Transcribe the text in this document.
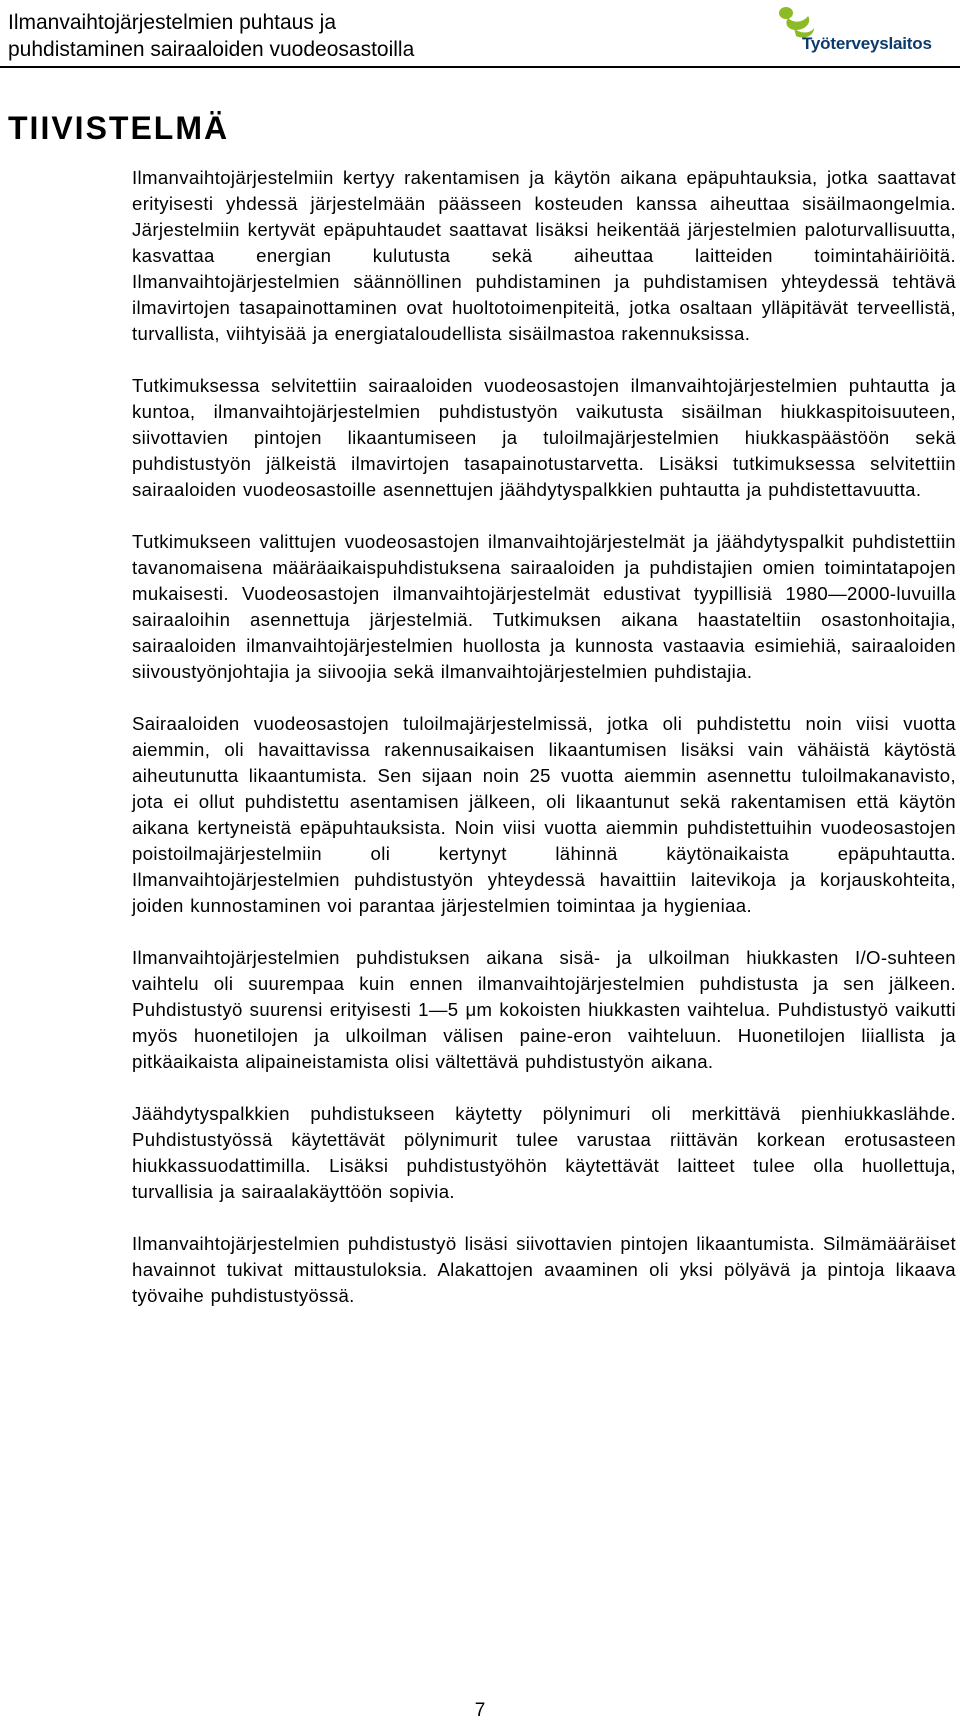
Ilmanvaihtojärjestelmien puhtaus ja
puhdistaminen sairaaloiden vuodeosastoilla	Työterveyslaitos
TIIVISTELMÄ

Ilmanvaihtojärjestelmiin kertyy rakentamisen ja käytön aikana epäpuhtauksia, jotka saattavat erityisesti yhdessä järjestelmään päässeen kosteuden kanssa aiheuttaa sisäilmaongelmia. Järjestelmiin kertyvät epäpuhtaudet saattavat lisäksi heikentää järjestelmien paloturvallisuutta, kasvattaa energian kulutusta sekä aiheuttaa laitteiden toimintahäiriöitä. Ilmanvaihtojärjestelmien säännöllinen puhdistaminen ja puhdistamisen yhteydessä tehtävä ilmavirtojen tasapainottaminen ovat huoltotoimenpiteitä, jotka osaltaan ylläpitävät terveellistä, turvallista, viihtyisää ja energiataloudellista sisäilmastoa rakennuksissa.

Tutkimuksessa selvitettiin sairaaloiden vuodeosastojen ilmanvaihtojärjestelmien puhtautta ja kuntoa, ilmanvaihtojärjestelmien puhdistustyön vaikutusta sisäilman hiukkaspitoisuuteen, siivottavien pintojen likaantumiseen ja tuloilmajärjestelmien hiukkaspäästöön sekä puhdistustyön jälkeistä ilmavirtojen tasapainotustarvetta. Lisäksi tutkimuksessa selvitettiin sairaaloiden vuodeosastoille asennettujen jäähdytyspalkkien puhtautta ja puhdistettavuutta.

Tutkimukseen valittujen vuodeosastojen ilmanvaihtojärjestelmät ja jäähdytyspalkit puhdistettiin tavanomaisena määräaikaispuhdistuksena sairaaloiden ja puhdistajien omien toimintatapojen mukaisesti. Vuodeosastojen ilmanvaihtojärjestelmät edustivat tyypillisiä 1980—2000-luvuilla sairaaloihin asennettuja järjestelmiä. Tutkimuksen aikana haastateltiin osastonhoitajia, sairaaloiden ilmanvaihtojärjestelmien huollosta ja kunnosta vastaavia esimiehiä, sairaaloiden siivoustyönjohtajia ja siivoojia sekä ilmanvaihtojärjestelmien puhdistajia.

Sairaaloiden vuodeosastojen tuloilmajärjestelmissä, jotka oli puhdistettu noin viisi vuotta aiemmin, oli havaittavissa rakennusaikaisen likaantumisen lisäksi vain vähäistä käytöstä aiheutunutta likaantumista. Sen sijaan noin 25 vuotta aiemmin asennettu tuloilmakanavisto, jota ei ollut puhdistettu asentamisen jälkeen, oli likaantunut sekä rakentamisen että käytön aikana kertyneistä epäpuhtauksista. Noin viisi vuotta aiemmin puhdistettuihin vuodeosastojen poistoilmajärjestelmiin oli kertynyt lähinnä käytönaikaista epäpuhtautta. Ilmanvaihtojärjestelmien puhdistustyön yhteydessä havaittiin laitevikoja ja korjauskohteita, joiden kunnostaminen voi parantaa järjestelmien toimintaa ja hygieniaa.

Ilmanvaihtojärjestelmien puhdistuksen aikana sisä- ja ulkoilman hiukkasten I/O-suhteen vaihtelu oli suurempaa kuin ennen ilmanvaihtojärjestelmien puhdistusta ja sen jälkeen. Puhdistustyö suurensi erityisesti 1—5 μm kokoisten hiukkasten vaihtelua. Puhdistustyö vaikutti myös huonetilojen ja ulkoilman välisen paine-eron vaihteluun. Huonetilojen liiallista ja pitkäaikaista alipaineistamista olisi vältettävä puhdistustyön aikana.

Jäähdytyspalkkien puhdistukseen käytetty pölynimuri oli merkittävä pienhiukkaslähde. Puhdistustyössä käytettävät pölynimurit tulee varustaa riittävän korkean erotusasteen hiukkassuodattimilla. Lisäksi puhdistustyöhön käytettävät laitteet tulee olla huollettuja, turvallisia ja sairaalakäyttöön sopivia.

Ilmanvaihtojärjestelmien puhdistustyö lisäsi siivottavien pintojen likaantumista. Silmämääräiset havainnot tukivat mittaustuloksia. Alakattojen avaaminen oli yksi pölyävä ja pintoja likaava työvaihe puhdistustyössä.

7
